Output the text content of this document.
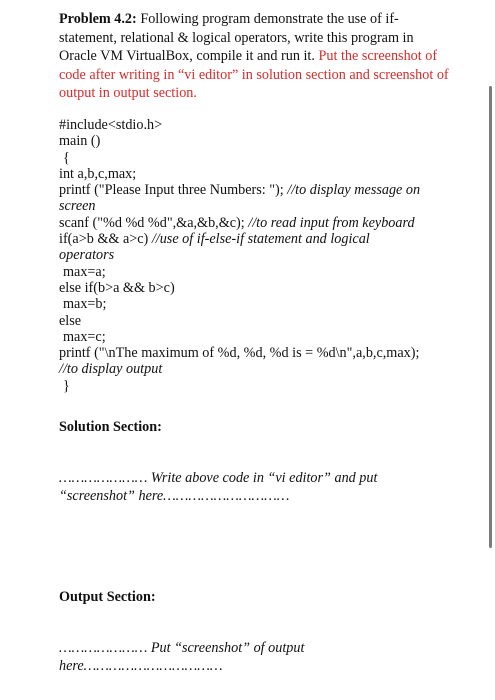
Problem 4.2: Following program demonstrate the use of if-statement, relational & logical operators, write this program in Oracle VM VirtualBox, compile it and run it. Put the screenshot of code after writing in “vi editor” in solution section and screenshot of output in output section.
#include<stdio.h>
main ()
{
int a,b,c,max;
printf ("Please Input three Numbers: "); //to display message on
screen
scanf ("%d %d %d",&a,&b,&c); //to read input from keyboard
if(a>b && a>c) //use of if-else-if statement and logical
operators
max=a;
else if(b>a && b>c)
max=b;
else
max=c;
printf ("\nThe maximum of %d, %d, %d is = %d\n",a,b,c,max);
//to display output
}
Solution Section:
………………… Write above code in “vi editor” and put “screenshot” here…………………………
Output Section:
………………… Put “screenshot” of output here……………………………
